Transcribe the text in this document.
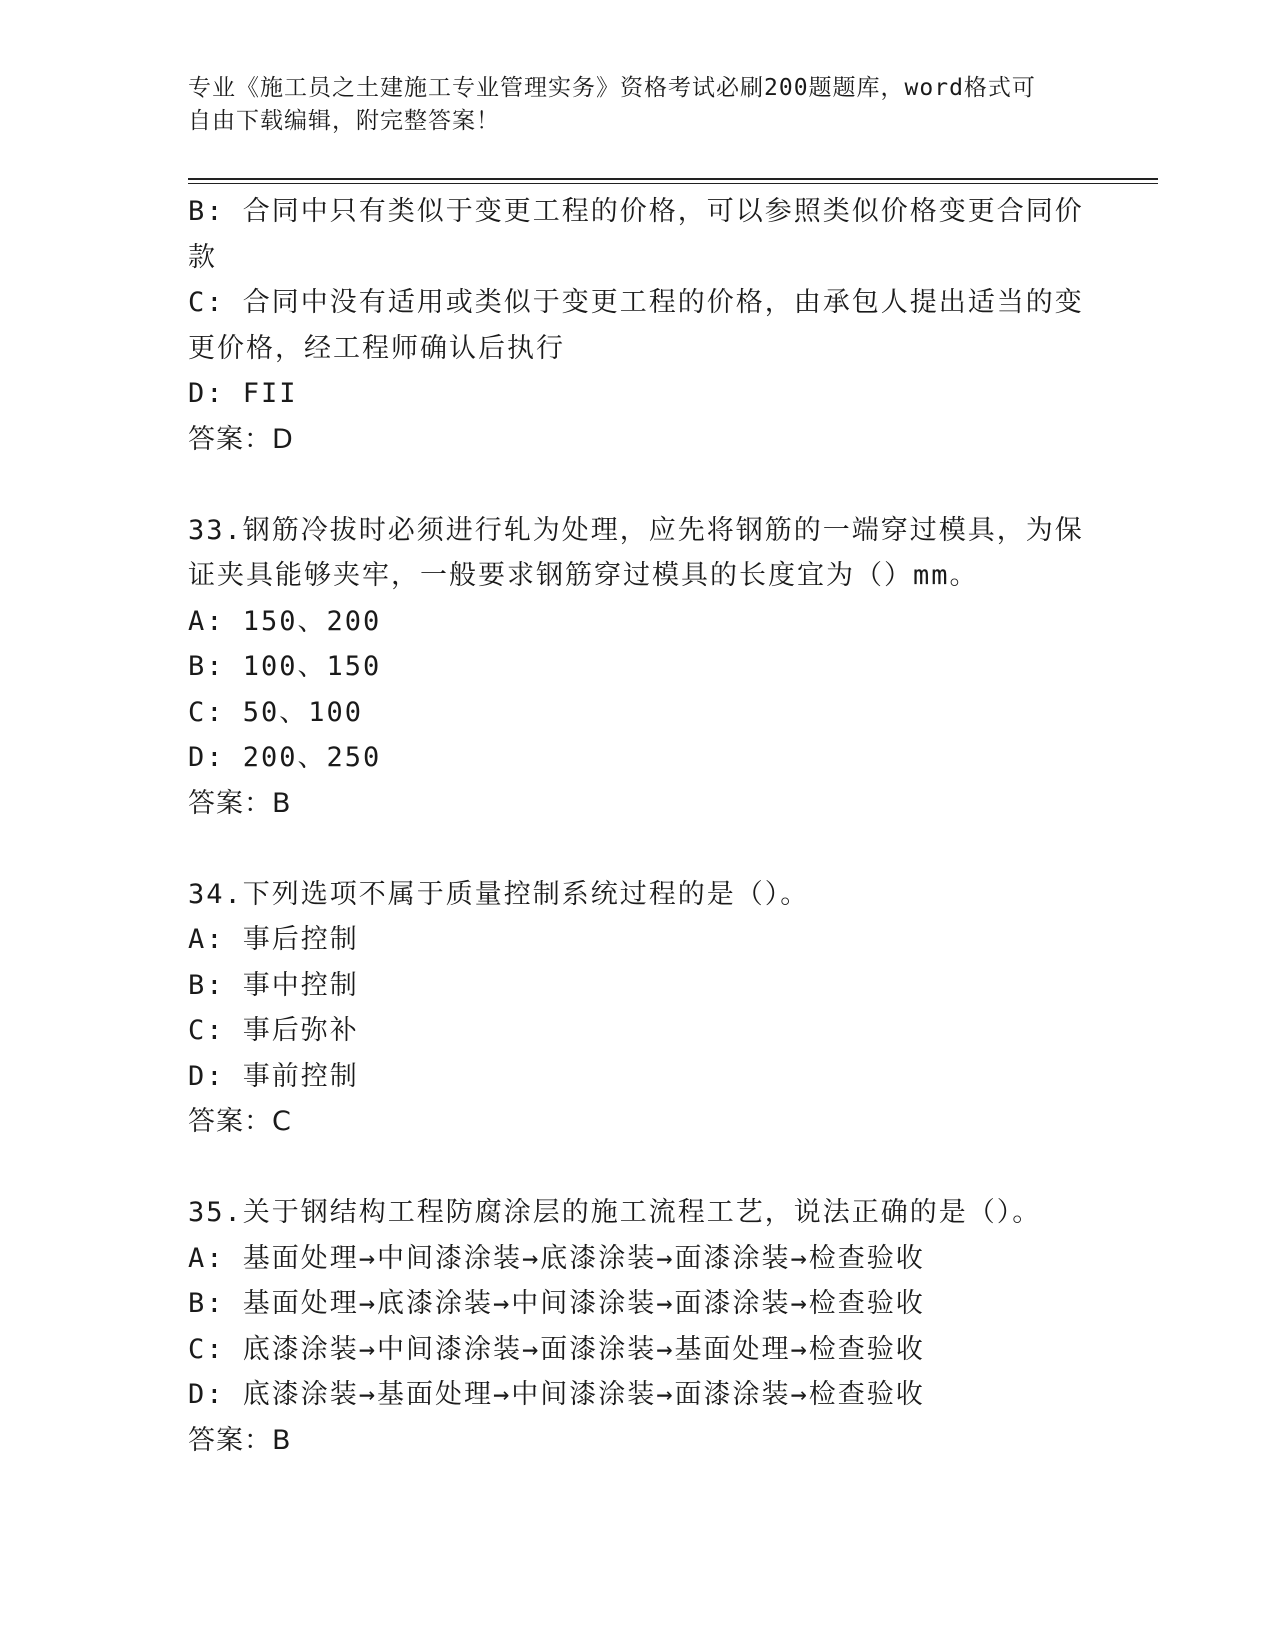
专业《施工员之土建施工专业管理实务》资格考试必刷200题题库，word格式可
自由下载编辑，附完整答案！

B: 合同中只有类似于变更工程的价格，可以参照类似价格变更合同价

款

C: 合同中没有适用或类似于变更工程的价格，由承包人提出适当的变

更价格，经工程师确认后执行

D: FII

答案：D

33.钢筋冷拔时必须进行轧为处理，应先将钢筋的一端穿过模具，为保

证夹具能够夹牢，一般要求钢筋穿过模具的长度宜为（）mm。

A: 150、200

B: 100、150

C: 50、100

D: 200、250

答案：B

34.下列选项不属于质量控制系统过程的是（）。

A: 事后控制

B: 事中控制

C: 事后弥补

D: 事前控制

答案：C

35.关于钢结构工程防腐涂层的施工流程工艺，说法正确的是（）。

A: 基面处理→中间漆涂装→底漆涂装→面漆涂装→检查验收

B: 基面处理→底漆涂装→中间漆涂装→面漆涂装→检查验收

C: 底漆涂装→中间漆涂装→面漆涂装→基面处理→检查验收

D: 底漆涂装→基面处理→中间漆涂装→面漆涂装→检查验收

答案：B
